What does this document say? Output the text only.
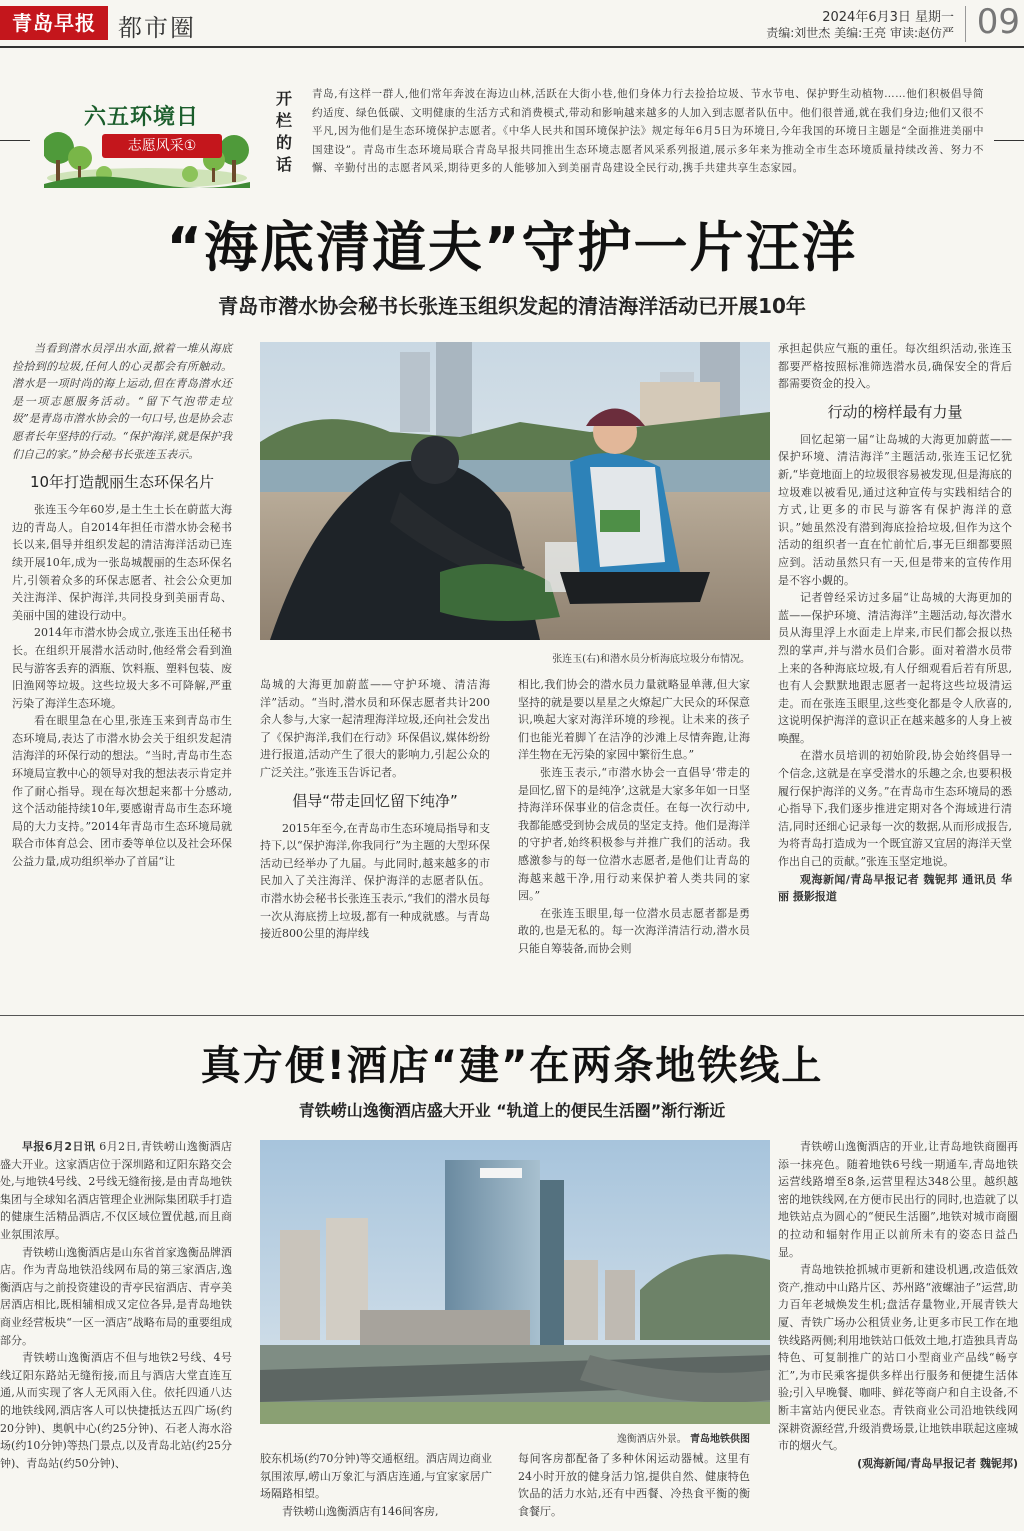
青岛早报 都市圈	2024年6月3日 星期一
责编:刘世杰 美编:王亮 审读:赵仿严 09
六五环境日
志愿风采①
开栏的话
青岛,有这样一群人,他们常年奔波在海边山林,活跃在大街小巷,他们身体力行去捡拾垃圾、节水节电、保护野生动植物……他们积极倡导简约适度、绿色低碳、文明健康的生活方式和消费模式,带动和影响越来越多的人加入到志愿者队伍中。他们很普通,就在我们身边;他们又很不平凡,因为他们是生态环境保护志愿者。《中华人民共和国环境保护法》规定每年6月5日为环境日,今年我国的环境日主题是“全面推进美丽中国建设”。青岛市生态环境局联合青岛早报共同推出生态环境志愿者风采系列报道,展示多年来为推动全市生态环境质量持续改善、努力不懈、辛勤付出的志愿者风采,期待更多的人能够加入到美丽青岛建设全民行动,携手共建共享生态家园。
“海底清道夫”守护一片汪洋
青岛市潜水协会秘书长张连玉组织发起的清洁海洋活动已开展10年

当看到潜水员浮出水面,掀着一堆从海底捡拾到的垃圾,任何人的心灵都会有所触动。潜水是一项时尚的海上运动,但在青岛潜水还是一项志愿服务活动。“留下气泡带走垃圾”是青岛市潜水协会的一句口号,也是协会志愿者长年坚持的行动。“保护海洋,就是保护我们自己的家。”协会秘书长张连玉表示。

10年打造靓丽生态环保名片

张连玉今年60岁,是土生土长在蔚蓝大海边的青岛人。自2014年担任市潜水协会秘书长以来,倡导并组织发起的清洁海洋活动已连续开展10年,成为一张岛城靓丽的生态环保名片,引领着众多的环保志愿者、社会公众更加关注海洋、保护海洋,共同投身到美丽青岛、美丽中国的建设行动中。

2014年市潜水协会成立,张连玉出任秘书长。在组织开展潜水活动时,他经常会看到渔民与游客丢弃的酒瓶、饮料瓶、塑料包装、废旧渔网等垃圾。这些垃圾大多不可降解,严重污染了海洋生态环境。

看在眼里急在心里,张连玉来到青岛市生态环境局,表达了市潜水协会关于组织发起清洁海洋的环保行动的想法。“当时,青岛市生态环境局宣教中心的领导对我的想法表示肯定并作了耐心指导。现在每次想起来都十分感动,这个活动能持续10年,要感谢青岛市生态环境局的大力支持。”2014年青岛市生态环境局就联合市体育总会、团市委等单位以及社会环保公益力量,成功组织举办了首届“让

张连玉(右)和潜水员分析海底垃圾分布情况。

岛城的大海更加蔚蓝——守护环境、清洁海洋”活动。“当时,潜水员和环保志愿者共计200余人参与,大家一起清理海洋垃圾,还向社会发出了《保护海洋,我们在行动》环保倡议,媒体纷纷进行报道,活动产生了很大的影响力,引起公众的广泛关注。”张连玉告诉记者。

倡导“带走回忆留下纯净”

2015年至今,在青岛市生态环境局指导和支持下,以“保护海洋,你我同行”为主题的大型环保活动已经举办了九届。与此同时,越来越多的市民加入了关注海洋、保护海洋的志愿者队伍。市潜水协会秘书长张连玉表示,“我们的潜水员每一次从海底捞上垃圾,都有一种成就感。与青岛接近800公里的海岸线

相比,我们协会的潜水员力量就略显单薄,但大家坚持的就是要以星星之火燎起广大民众的环保意识,唤起大家对海洋环境的珍视。让未来的孩子们也能光着脚丫在洁净的沙滩上尽情奔跑,让海洋生物在无污染的家园中繁衍生息。”

张连玉表示,“市潜水协会一直倡导‘带走的是回忆,留下的是纯净’,这就是大家多年如一日坚持海洋环保事业的信念责任。在每一次行动中,我都能感受到协会成员的坚定支持。他们是海洋的守护者,始终积极参与并推广我们的活动。我感激参与的每一位潜水志愿者,是他们让青岛的海越来越干净,用行动来保护着人类共同的家园。”

在张连玉眼里,每一位潜水员志愿者都是勇敢的,也是无私的。每一次海洋清洁行动,潜水员只能自筹装备,而协会则

承担起供应气瓶的重任。每次组织活动,张连玉都要严格按照标准筛选潜水员,确保安全的背后都需要资金的投入。

行动的榜样最有力量

回忆起第一届“让岛城的大海更加蔚蓝——保护环境、清洁海洋”主题活动,张连玉记忆犹新,“毕竟地面上的垃圾很容易被发现,但是海底的垃圾难以被看见,通过这种宣传与实践相结合的方式,让更多的市民与游客有保护海洋的意识。”她虽然没有潜到海底捡拾垃圾,但作为这个活动的组织者一直在忙前忙后,事无巨细都要照应到。活动虽然只有一天,但是带来的宣传作用是不容小觑的。

记者曾经采访过多届“让岛城的大海更加的蓝——保护环境、清洁海洋”主题活动,每次潜水员从海里浮上水面走上岸来,市民们都会报以热烈的掌声,并与潜水员们合影。面对着潜水员带上来的各种海底垃圾,有人仔细观看后若有所思,也有人会默默地跟志愿者一起将这些垃圾清运走。而在张连玉眼里,这些变化都是令人欣喜的,这说明保护海洋的意识正在越来越多的人身上被唤醒。

在潜水员培训的初始阶段,协会始终倡导一个信念,这就是在享受潜水的乐趣之余,也要积极履行保护海洋的义务。”在青岛市生态环境局的悉心指导下,我们逐步推进定期对各个海域进行清洁,同时还细心记录每一次的数据,从而形成报告,为将青岛打造成为一个既宜游又宜居的海洋天堂作出自己的贡献。”张连玉坚定地说。

观海新闻/青岛早报记者 魏铌邦 通讯员 华丽 摄影报道

真方便!酒店“建”在两条地铁线上
青铁崂山逸衡酒店盛大开业 “轨道上的便民生活圈”渐行渐近

早报6月2日讯 6月2日,青铁崂山逸衡酒店盛大开业。这家酒店位于深圳路和辽阳东路交会处,与地铁4号线、2号线无缝衔接,是由青岛地铁集团与全球知名酒店管理企业洲际集团联手打造的健康生活精品酒店,不仅区域位置优越,而且商业氛围浓厚。

青铁崂山逸衡酒店是山东省首家逸衡品牌酒店。作为青岛地铁沿线网布局的第三家酒店,逸衡酒店与之前投资建设的青亭民宿酒店、青亭美居酒店相比,既相辅相成又定位各异,是青岛地铁商业经营板块“一区一酒店”战略布局的重要组成部分。

青铁崂山逸衡酒店不但与地铁2号线、4号线辽阳东路站无缝衔接,而且与酒店大堂直连互通,从而实现了客人无风雨入住。依托四通八达的地铁线网,酒店客人可以快捷抵达五四广场(约20分钟)、奥帆中心(约25分钟)、石老人海水浴场(约10分钟)等热门景点,以及青岛北站(约25分钟)、青岛站(约50分钟)、

逸衡酒店外景。 青岛地铁供图

胶东机场(约70分钟)等交通枢纽。酒店周边商业氛围浓厚,崂山万象汇与酒店连通,与宜家家居广场隔路相望。

青铁崂山逸衡酒店有146间客房,

每间客房都配备了多种休闲运动器械。这里有24小时开放的健身活力馆,提供自然、健康特色饮品的活力水站,还有中西餐、冷热食平衡的衡食餐厅。

青铁崂山逸衡酒店的开业,让青岛地铁商圈再添一抹亮色。随着地铁6号线一期通车,青岛地铁运营线路增至8条,运营里程达348公里。越织越密的地铁线网,在方便市民出行的同时,也造就了以地铁站点为圆心的“便民生活圈”,地铁对城市商圈的拉动和辐射作用正以前所未有的姿态日益凸显。

青岛地铁抢抓城市更新和建设机遇,改造低效资产,推动中山路片区、苏州路“液螺油子”运营,助力百年老城焕发生机;盘活存量物业,开展青铁大厦、青铁广场办公租赁业务,让更多市民工作在地铁线路两侧;利用地铁站口低效土地,打造独具青岛特色、可复制推广的站口小型商业产品线“畅亨汇”,为市民乘客提供多样出行服务和便捷生活体验;引入早晚餐、咖啡、鲜花等商户和自主设备,不断丰富站内便民业态。青铁商业公司沿地铁线网深耕资源经营,升级消费场景,让地铁串联起这座城市的烟火气。

(观海新闻/青岛早报记者 魏铌邦)
